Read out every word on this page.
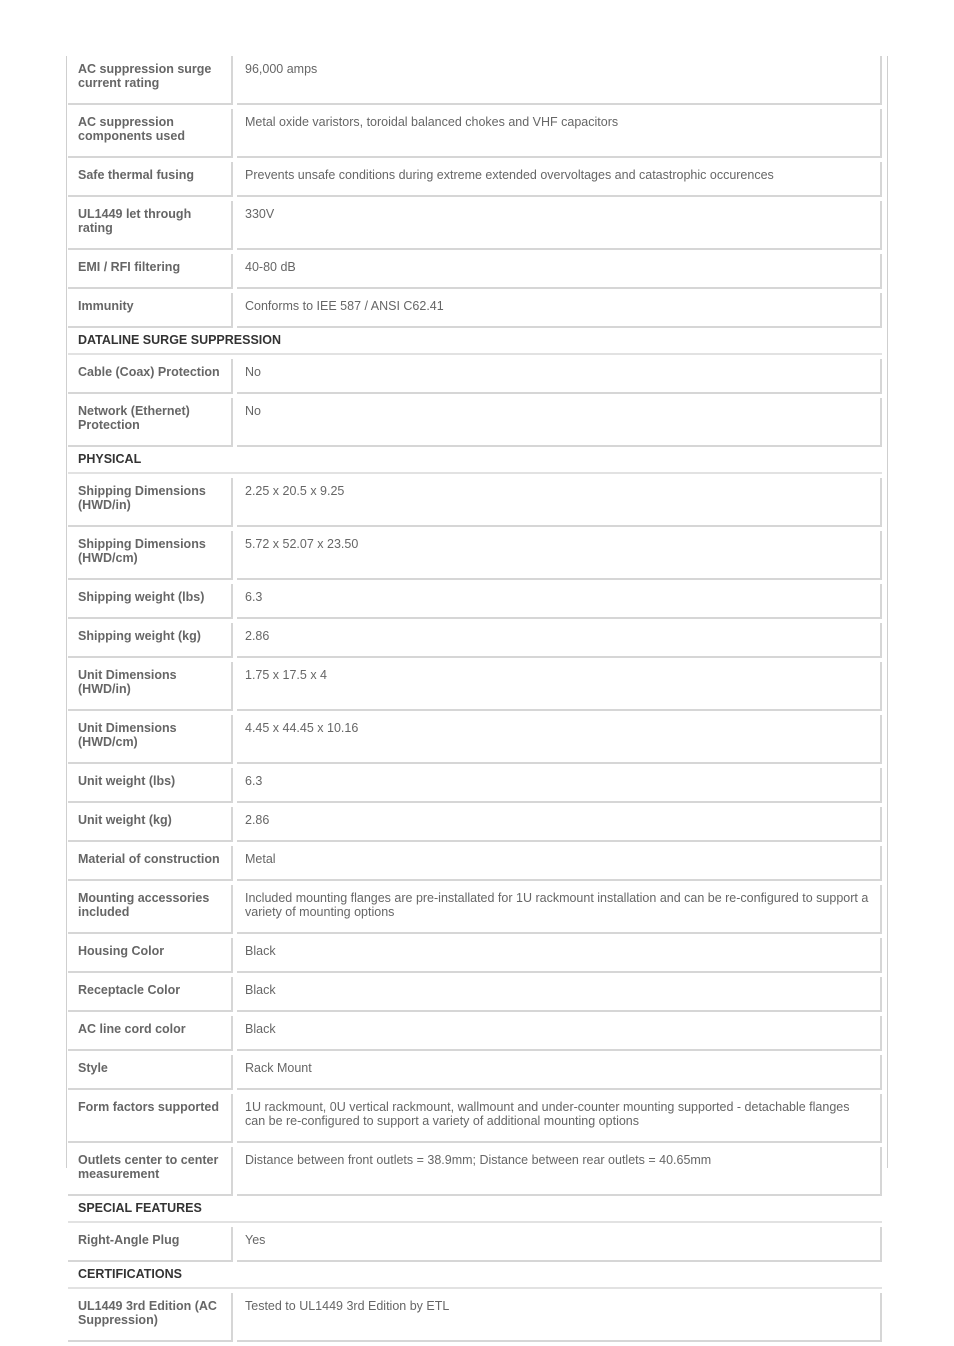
AC suppression surge current rating		96,000 amps
AC suppression components used		Metal oxide varistors, toroidal balanced chokes and VHF capacitors
Safe thermal fusing		Prevents unsafe conditions during extreme extended overvoltages and catastrophic occurences
UL1449 let through rating		330V
EMI / RFI filtering		40-80 dB
Immunity		Conforms to IEE 587 / ANSI C62.41
DATALINE SURGE SUPPRESSION		
Cable (Coax) Protection		No
Network (Ethernet) Protection		No
PHYSICAL		
Shipping Dimensions (HWD/in)		2.25 x 20.5 x 9.25
Shipping Dimensions (HWD/cm)		5.72 x 52.07 x 23.50
Shipping weight (lbs)		6.3
Shipping weight (kg)		2.86
Unit Dimensions (HWD/in)		1.75 x 17.5 x 4
Unit Dimensions (HWD/cm)		4.45 x 44.45 x 10.16
Unit weight (lbs)		6.3
Unit weight (kg)		2.86
Material of construction		Metal
Mounting accessories included		Included mounting flanges are pre-installated for 1U rackmount installation and can be re-configured to support a variety of mounting options
Housing Color		Black
Receptacle Color		Black
AC line cord color		Black
Style		Rack Mount
Form factors supported		1U rackmount, 0U vertical rackmount, wallmount and under-counter mounting supported - detachable flanges can be re-configured to support a variety of additional mounting options
Outlets center to center measurement		Distance between front outlets = 38.9mm; Distance between rear outlets = 40.65mm
SPECIAL FEATURES		
Right-Angle Plug		Yes
CERTIFICATIONS		
UL1449 3rd Edition (AC Suppression)		Tested to UL1449 3rd Edition by ETL
